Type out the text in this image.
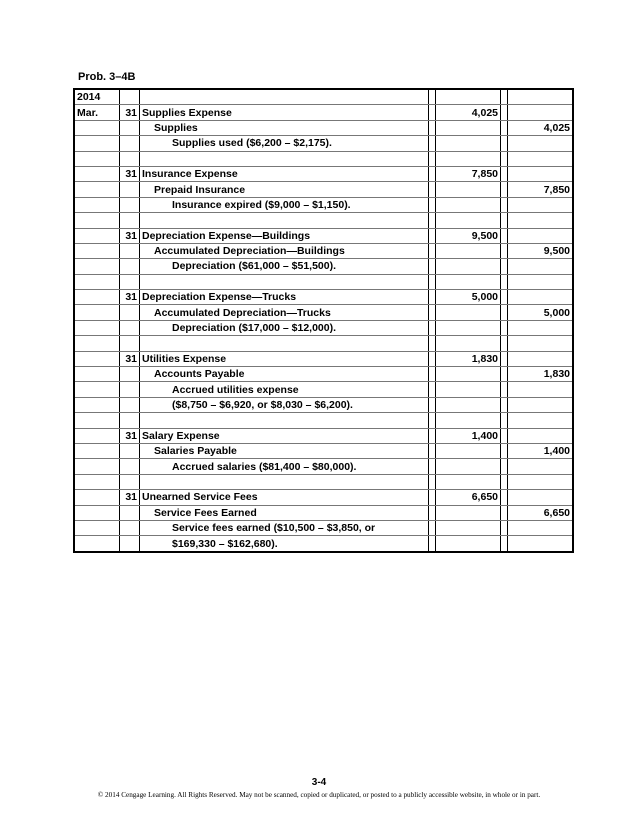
Prob. 3–4B
2014						
Mar.	31	Supplies Expense		4,025		
		Supplies				4,025
		Supplies used ($6,200 – $2,175).				

	31	Insurance Expense		7,850		
		Prepaid Insurance				7,850
		Insurance expired ($9,000 – $1,150).				

	31	Depreciation Expense—Buildings		9,500		
		Accumulated Depreciation—Buildings				9,500
		Depreciation ($61,000 – $51,500).				

	31	Depreciation Expense—Trucks		5,000		
		Accumulated Depreciation—Trucks				5,000
		Depreciation ($17,000 – $12,000).				

	31	Utilities Expense		1,830		
		Accounts Payable				1,830
		Accrued utilities expense				
		($8,750 – $6,920, or $8,030 – $6,200).				

	31	Salary Expense		1,400		
		Salaries Payable				1,400
		Accrued salaries ($81,400 – $80,000).				

	31	Unearned Service Fees		6,650		
		Service Fees Earned				6,650
		Service fees earned ($10,500 – $3,850, or				
		$169,330 – $162,680).				
3-4
© 2014 Cengage Learning. All Rights Reserved. May not be scanned, copied or duplicated, or posted to a publicly accessible website, in whole or in part.
